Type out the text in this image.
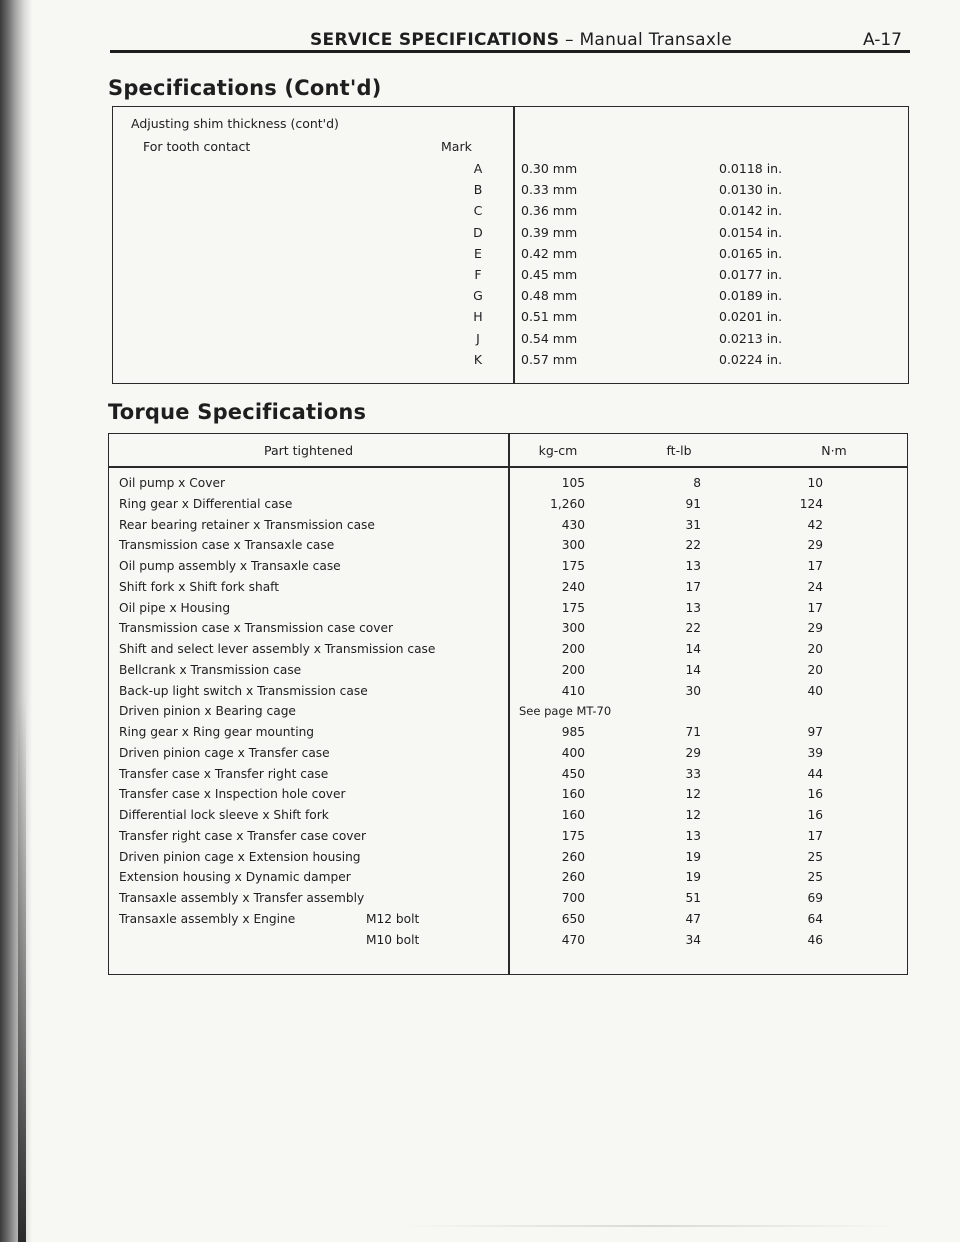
SERVICE SPECIFICATIONS – Manual Transaxle	A-17
Specifications (Cont'd)
Adjusting shim thickness (cont'd)
For tooth contact	Mark
A	0.30 mm	0.0118 in.
B	0.33 mm	0.0130 in.
C	0.36 mm	0.0142 in.
D	0.39 mm	0.0154 in.
E	0.42 mm	0.0165 in.
F	0.45 mm	0.0177 in.
G	0.48 mm	0.0189 in.
H	0.51 mm	0.0201 in.
J	0.54 mm	0.0213 in.
K	0.57 mm	0.0224 in.
Torque Specifications
Part tightened	kg-cm	ft-lb	N·m
Oil pump x Cover	105	8	10
Ring gear x Differential case	1,260	91	124
Rear bearing retainer x Transmission case	430	31	42
Transmission case x Transaxle case	300	22	29
Oil pump assembly x Transaxle case	175	13	17
Shift fork x Shift fork shaft	240	17	24
Oil pipe x Housing	175	13	17
Transmission case x Transmission case cover	300	22	29
Shift and select lever assembly x Transmission case	200	14	20
Bellcrank x Transmission case	200	14	20
Back-up light switch x Transmission case	410	30	40
Driven pinion x Bearing cage	See page MT-70
Ring gear x Ring gear mounting	985	71	97
Driven pinion cage x Transfer case	400	29	39
Transfer case x Transfer right case	450	33	44
Transfer case x Inspection hole cover	160	12	16
Differential lock sleeve x Shift fork	160	12	16
Transfer right case x Transfer case cover	175	13	17
Driven pinion cage x Extension housing	260	19	25
Extension housing x Dynamic damper	260	19	25
Transaxle assembly x Transfer assembly	700	51	69
Transaxle assembly x Engine	M12 bolt	650	47	64
M10 bolt	470	34	46
